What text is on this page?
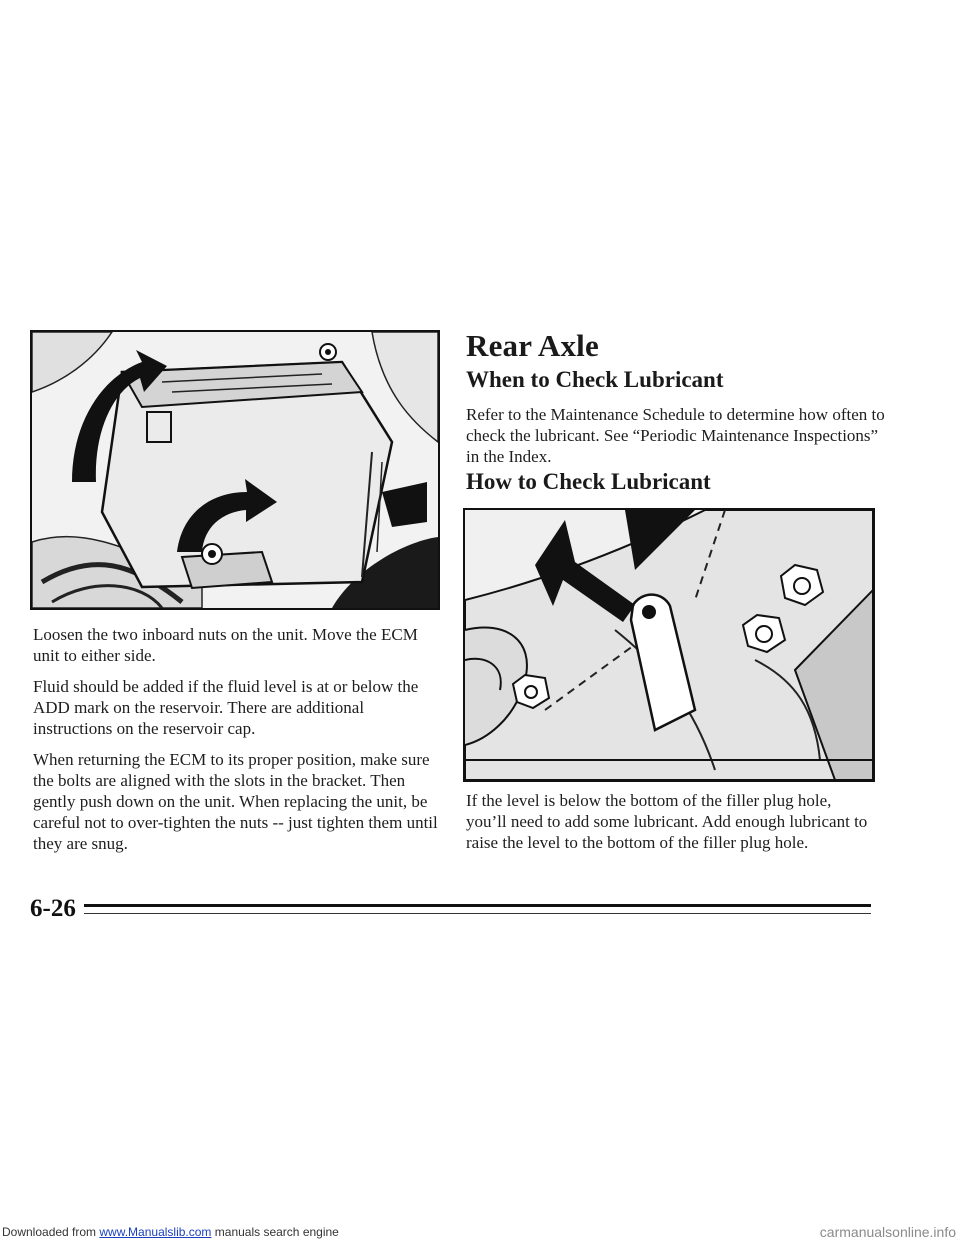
Loosen the two inboard nuts on the unit. Move the ECM unit to either side.

Fluid should be added if the fluid level is at or below the ADD mark on the reservoir. There are additional instructions on the reservoir cap.

When returning the ECM to its proper position, make sure the bolts are aligned with the slots in the bracket. Then gently push down on the unit. When replacing the unit, be careful not to over-tighten the nuts -- just tighten them until they are snug.

Rear Axle
When to Check Lubricant
Refer to the Maintenance Schedule to determine how often to check the lubricant. See “Periodic Maintenance Inspections” in the Index.
How to Check Lubricant
If the level is below the bottom of the filler plug hole, you’ll need to add some lubricant. Add enough lubricant to raise the level to the bottom of the filler plug hole.
6-26
Downloaded from www.Manualslib.com manuals search engine	carmanualsonline.info
